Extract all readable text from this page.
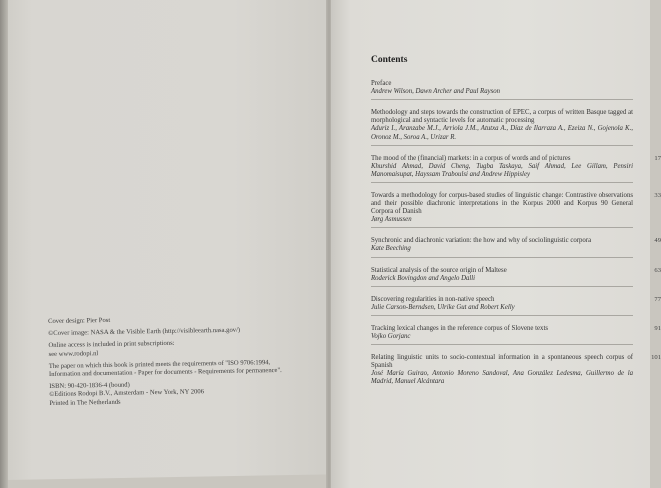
Cover design: Pier Post

©Cover image: NASA & the Visible Earth (http://visibleearth.nasa.gov/)

Online access is included in print subscriptions:

see www.rodopi.nl

The paper on which this book is printed meets the requirements of "ISO 9706:1994, Information and documentation - Paper for documents - Requirements for permanence".

ISBN: 90-420-1836-4 (bound)

©Editions Rodopi B.V., Amsterdam - New York, NY 2006

Printed in The Netherlands

Contents
Preface
Andrew Wilson, Dawn Archer and Paul Rayson
Methodology and steps towards the construction of EPEC, a corpus of written Basque tagged at morphological and syntactic levels for automatic processing
Aduriz I., Aranzabe M.J., Arriola J.M., Atutxa A., Díaz de Ilarraza A., Ezeiza N., Gojenola K., Oronoz M., Soroa A., Urizar R.
The mood of the (financial) markets: in a corpus of words and of pictures
Khurshid Ahmad, David Cheng, Tugba Taskaya, Saif Ahmad, Lee Gillam, Pensiri Manomaisupat, Hayssam Traboulsi and Andrew Hippisley
17
Towards a methodology for corpus-based studies of linguistic change: Contrastive observations and their possible diachronic interpretations in the Korpus 2000 and Korpus 90 General Corpora of Danish
Jørg Asmussen
33
Synchronic and diachronic variation: the how and why of sociolinguistic corpora
Kate Beeching
49
Statistical analysis of the source origin of Maltese
Roderick Bovingdon and Angelo Dalli
63
Discovering regularities in non-native speech
Julie Carson-Berndsen, Ulrike Gut and Robert Kelly
77
Tracking lexical changes in the reference corpus of Slovene texts
Vojko Gorjanc
91
Relating linguistic units to socio-contextual information in a spontaneous speech corpus of Spanish
José María Guirao, Antonio Moreno Sandoval, Ana González Ledesma, Guillermo de la Madrid, Manuel Alcántara
101
